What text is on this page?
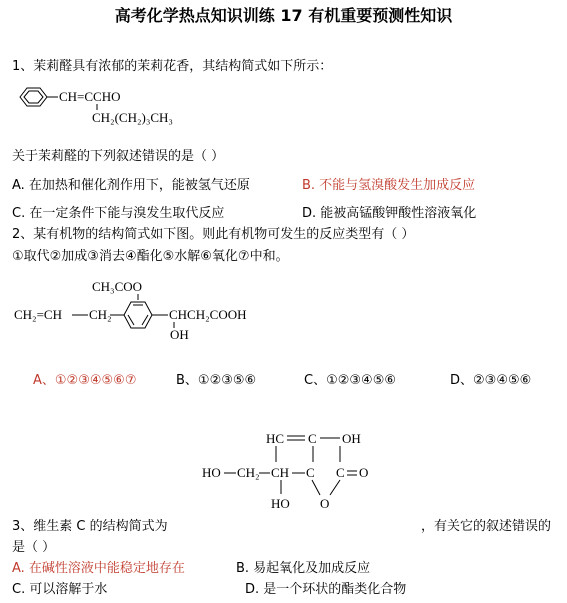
高考化学热点知识训练 17 有机重要预测性知识
1、茉莉醛具有浓郁的茉莉花香，其结构简式如下所示：
CH=CCHO
CH₂(CH₂)₃CH₃
CH₃COO
CH₂=CH CH₂	CHCH₂COOH
OH
HC C OH
HO CH₂ CH C C O
HO O
关于茉莉醛的下列叙述错误的是（ ）
A. 在加热和催化剂作用下，能被氢气还原	B. 不能与氢溴酸发生加成反应
C. 在一定条件下能与溴发生取代反应	D. 能被高锰酸钾酸性溶液氧化
2、某有机物的结构简式如下图。则此有机物可发生的反应类型有（ ）
①取代②加成③消去④酯化⑤水解⑥氧化⑦中和。
A、①②③④⑤⑥⑦	B、①②③⑤⑥	C、①②③④⑤⑥	D、②③④⑤⑥
3、维生素 C 的结构简式为	，有关它的叙述错误的
是（ ）
A. 在碱性溶液中能稳定地存在	B. 易起氧化及加成反应
C. 可以溶解于水	D. 是一个环状的酯类化合物
